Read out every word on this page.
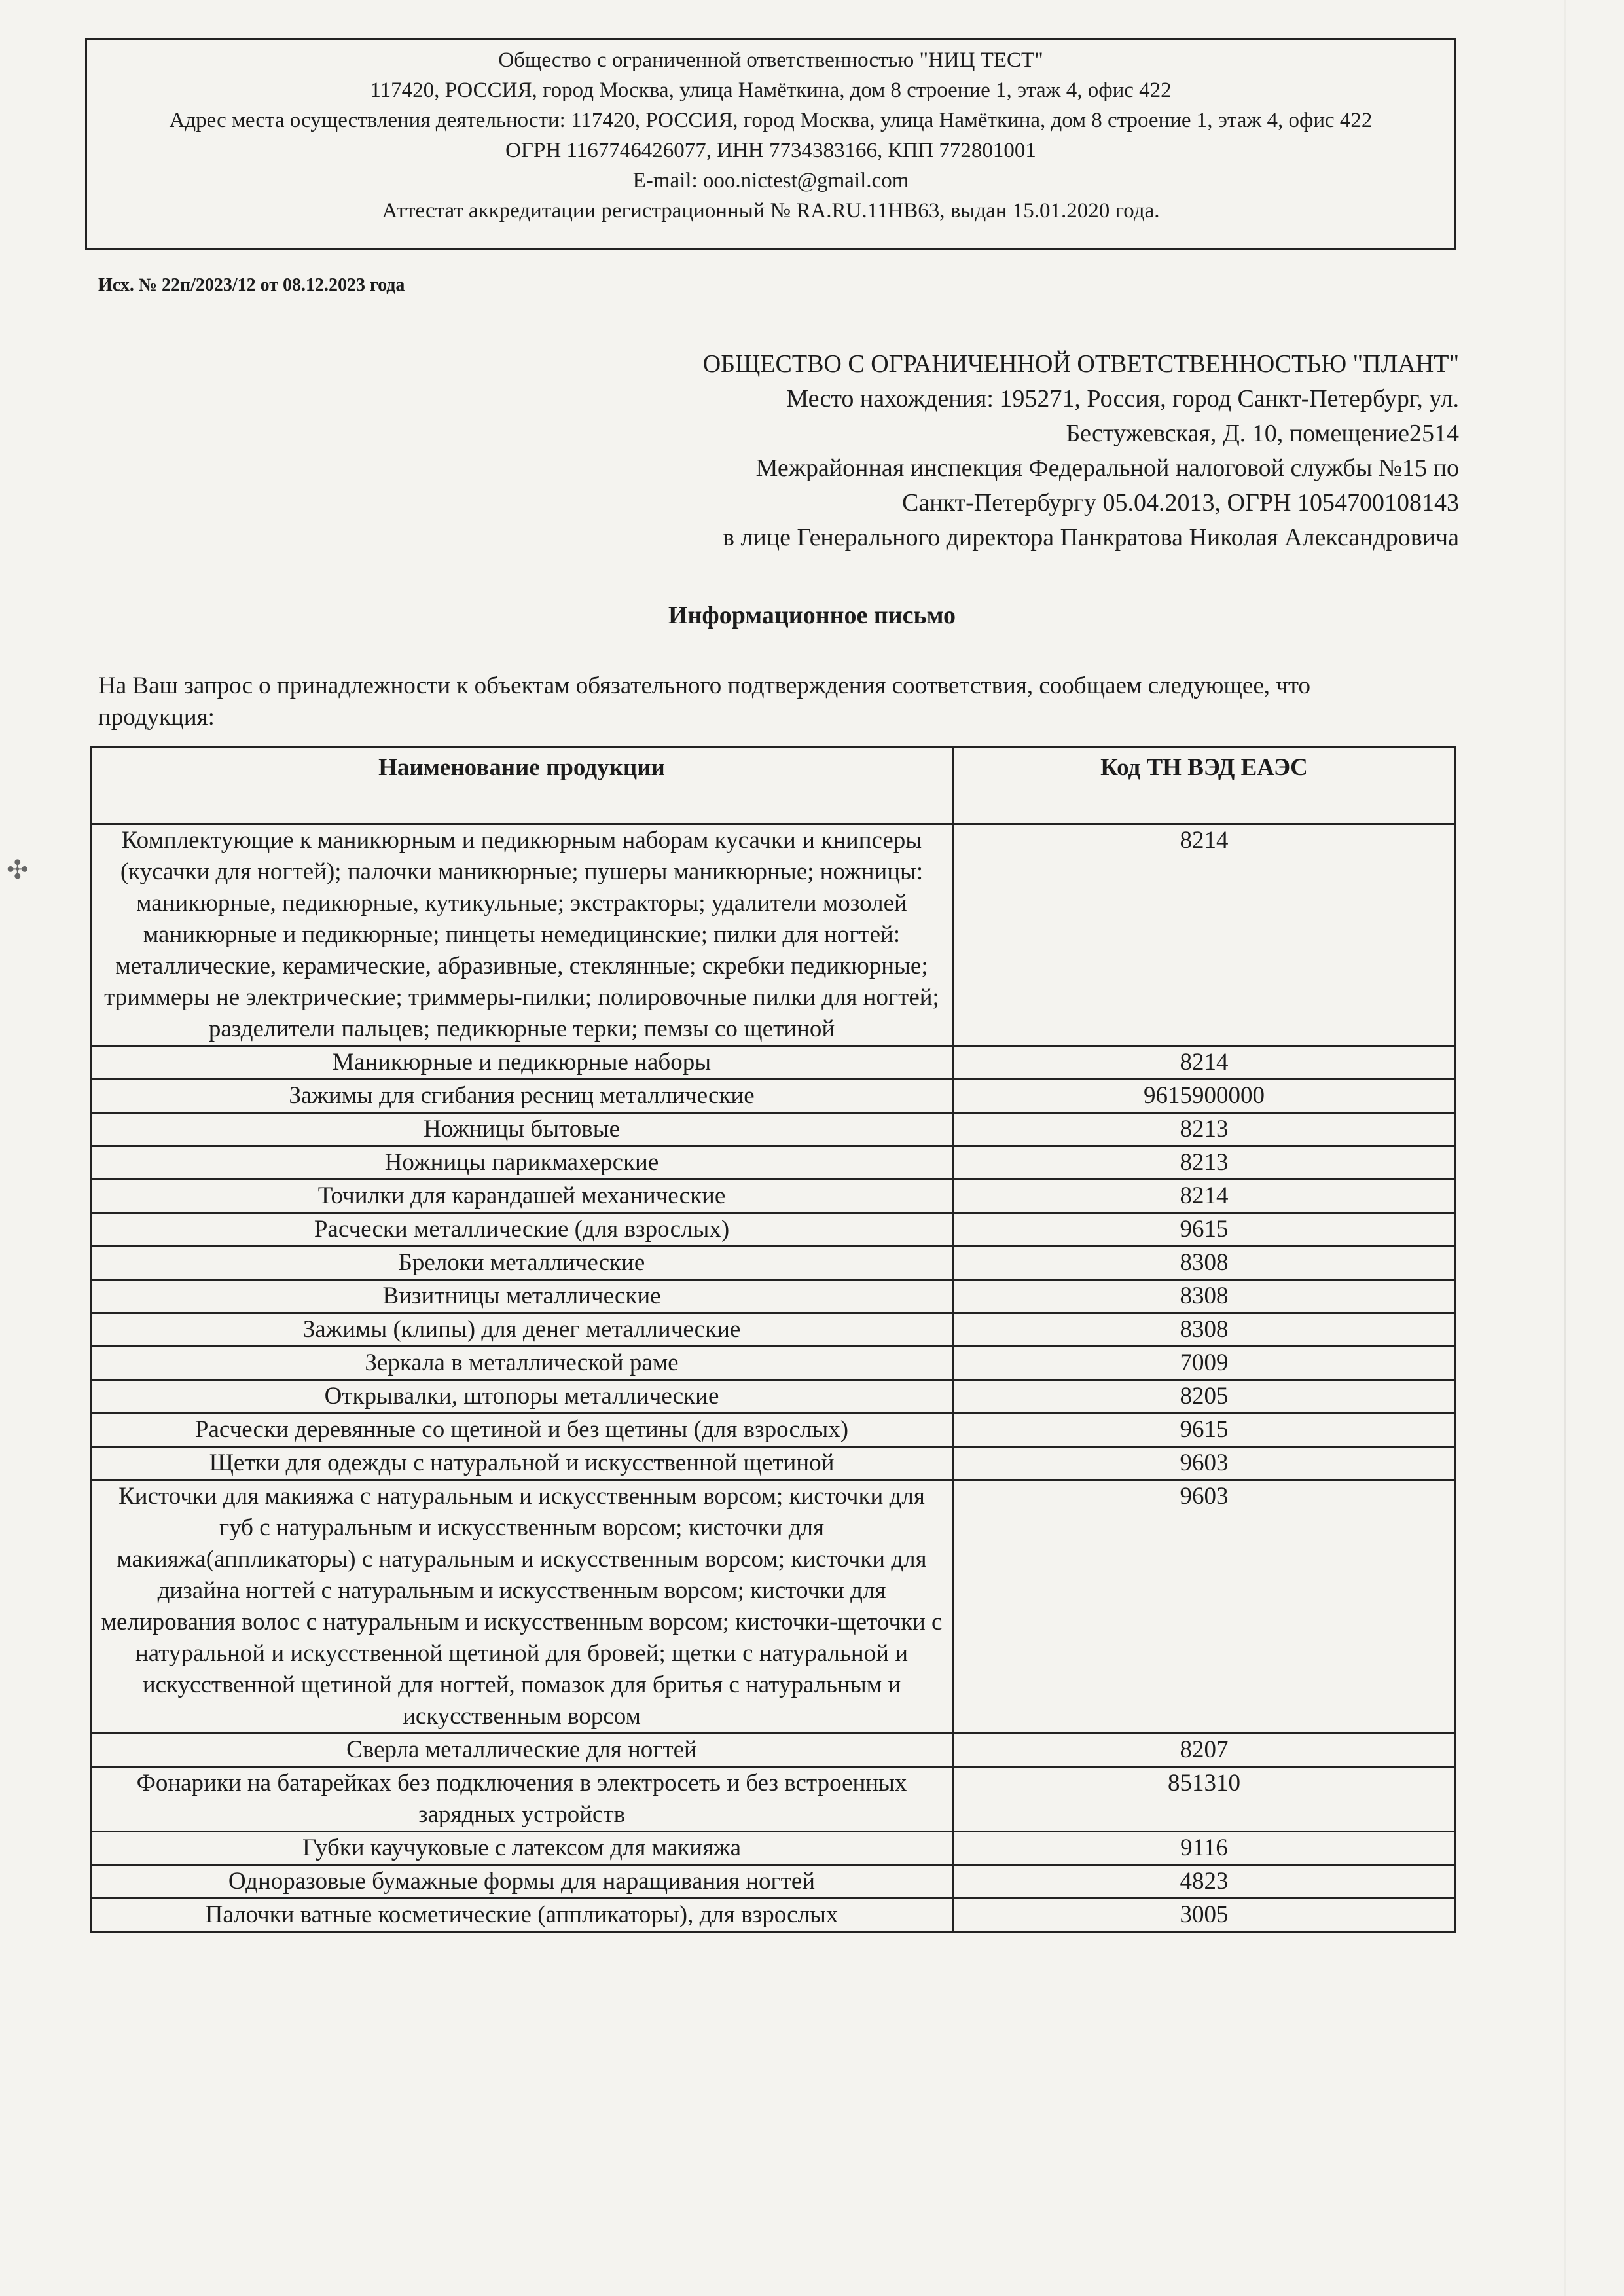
Общество с ограниченной ответственностью "НИЦ ТЕСТ"
117420, РОССИЯ, город Москва, улица Намёткина, дом 8 строение 1, этаж 4, офис 422
Адрес места осуществления деятельности: 117420, РОССИЯ, город Москва, улица Намёткина, дом 8 строение 1, этаж 4, офис 422
ОГРН 1167746426077, ИНН 7734383166, КПП 772801001
E-mail: ooo.nictest@gmail.com
Аттестат аккредитации регистрационный № RA.RU.11НВ63, выдан 15.01.2020 года.
Исх. № 22п/2023/12 от 08.12.2023 года
ОБЩЕСТВО С ОГРАНИЧЕННОЙ ОТВЕТСТВЕННОСТЬЮ "ПЛАНТ"
Место нахождения: 195271, Россия, город Санкт-Петербург, ул.
Бестужевская, Д. 10, помещение2514
Межрайонная инспекция Федеральной налоговой службы №15 по
Санкт-Петербургу 05.04.2013, ОГРН 1054700108143
в лице Генерального директора Панкратова Николая Александровича
Информационное письмо
На Ваш запрос о принадлежности к объектам обязательного подтверждения соответствия, сообщаем следующее, что продукция:
Наименование продукции	Код ТН ВЭД ЕАЭС
Комплектующие к маникюрным и педикюрным наборам кусачки и книпсеры (кусачки для ногтей); палочки маникюрные; пушеры маникюрные; ножницы: маникюрные, педикюрные, кутикульные; экстракторы; удалители мозолей маникюрные и педикюрные; пинцеты немедицинские; пилки для ногтей: металлические, керамические, абразивные, стеклянные; скребки педикюрные; триммеры не электрические; триммеры-пилки; полировочные пилки для ногтей; разделители пальцев; педикюрные терки; пемзы со щетиной	8214
Маникюрные и педикюрные наборы	8214
Зажимы для сгибания ресниц металлические	9615900000
Ножницы бытовые	8213
Ножницы парикмахерские	8213
Точилки для карандашей механические	8214
Расчески металлические (для взрослых)	9615
Брелоки металлические	8308
Визитницы металлические	8308
Зажимы (клипы) для денег металлические	8308
Зеркала в металлической раме	7009
Открывалки, штопоры металлические	8205
Расчески деревянные со щетиной и без щетины (для взрослых)	9615
Щетки для одежды с натуральной и искусственной щетиной	9603
Кисточки для макияжа с натуральным и искусственным ворсом; кисточки для губ с натуральным и искусственным ворсом; кисточки для макияжа(аппликаторы) с натуральным и искусственным ворсом; кисточки для дизайна ногтей с натуральным и искусственным ворсом; кисточки для мелирования волос с натуральным и искусственным ворсом; кисточки-щеточки с натуральной и искусственной щетиной для бровей; щетки с натуральной и искусственной щетиной для ногтей, помазок для бритья с натуральным и искусственным ворсом	9603
Сверла металлические для ногтей	8207
Фонарики на батарейках без подключения в электросеть и без встроенных зарядных устройств	851310
Губки каучуковые с латексом для макияжа	9116
Одноразовые бумажные формы для наращивания ногтей	4823
Палочки ватные косметические (аппликаторы), для взрослых	3005
✣
